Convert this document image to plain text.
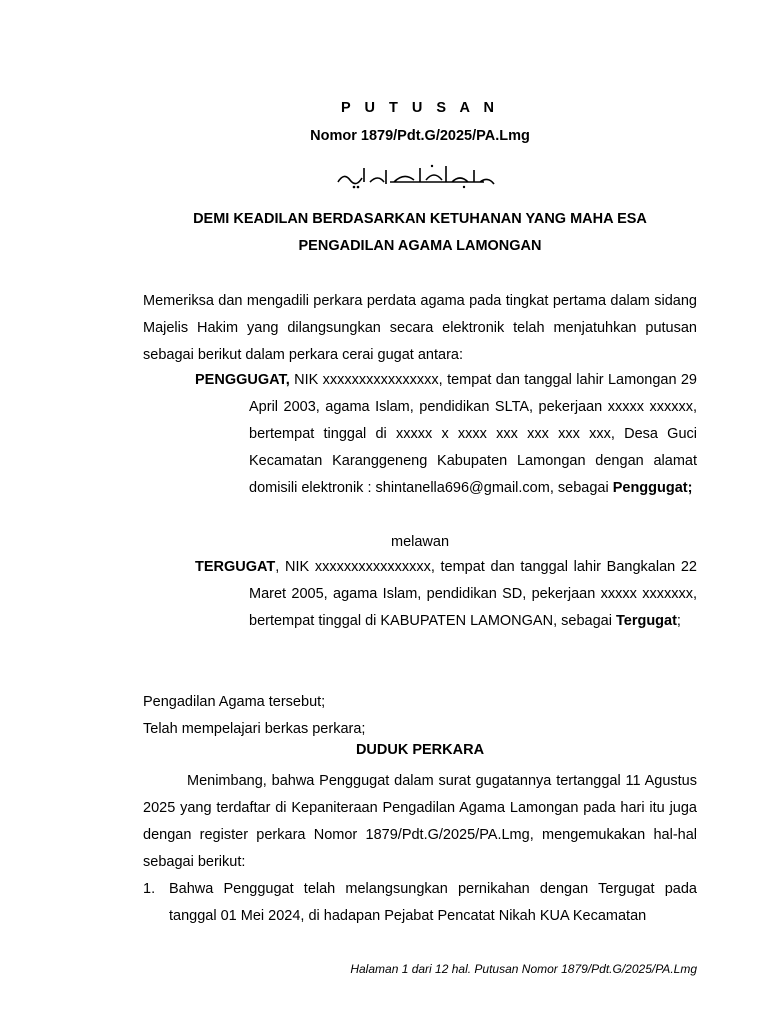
P U T U S A N
Nomor 1879/Pdt.G/2025/PA.Lmg
DEMI KEADILAN BERDASARKAN KETUHANAN YANG MAHA ESA
PENGADILAN AGAMA LAMONGAN
Memeriksa dan mengadili perkara perdata agama pada tingkat pertama dalam sidang Majelis Hakim yang dilangsungkan secara elektronik telah menjatuhkan putusan sebagai berikut dalam perkara cerai gugat antara:
PENGGUGAT, NIK xxxxxxxxxxxxxxxx, tempat dan tanggal lahir Lamongan 29 April 2003, agama Islam, pendidikan SLTA, pekerjaan xxxxx xxxxxx, bertempat tinggal di xxxxx x xxxx xxx xxx xxx xxx, Desa Guci Kecamatan Karanggeneng Kabupaten Lamongan dengan alamat domisili elektronik : shintanella696@gmail.com, sebagai Penggugat;
melawan
TERGUGAT, NIK xxxxxxxxxxxxxxxx, tempat dan tanggal lahir Bangkalan 22 Maret 2005, agama Islam, pendidikan SD, pekerjaan xxxxx xxxxxxx, bertempat tinggal di KABUPATEN LAMONGAN, sebagai Tergugat;
Pengadilan Agama tersebut;
Telah mempelajari berkas perkara;
DUDUK PERKARA
Menimbang, bahwa Penggugat dalam surat gugatannya tertanggal 11 Agustus 2025 yang terdaftar di Kepaniteraan Pengadilan Agama Lamongan pada hari itu juga dengan register perkara Nomor 1879/Pdt.G/2025/PA.Lmg, mengemukakan hal-hal sebagai berikut:
1. Bahwa Penggugat telah melangsungkan pernikahan dengan Tergugat pada tanggal 01 Mei 2024, di hadapan Pejabat Pencatat Nikah KUA Kecamatan
Halaman 1 dari 12 hal. Putusan Nomor 1879/Pdt.G/2025/PA.Lmg
